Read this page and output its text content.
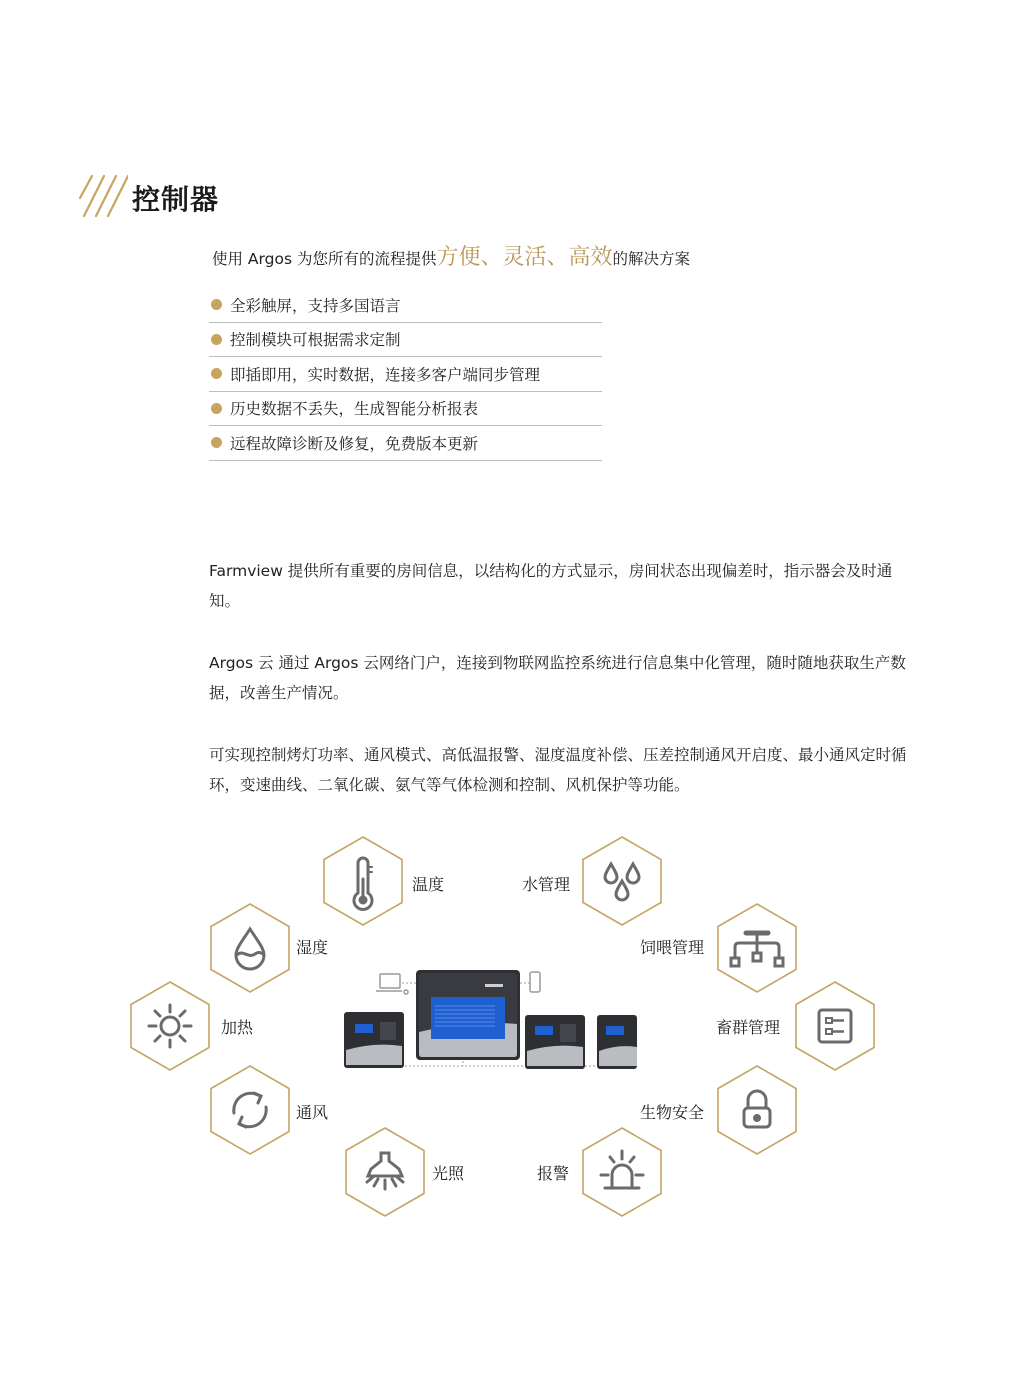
控制器
使用 Argos 为您所有的流程提供方便、灵活、高效的解决方案
全彩触屏，支持多国语言
控制模块可根据需求定制
即插即用，实时数据，连接多客户端同步管理
历史数据不丢失，生成智能分析报表
远程故障诊断及修复，免费版本更新
Farmview 提供所有重要的房间信息，以结构化的方式显示，房间状态出现偏差时，指示器会及时通知。
Argos 云 通过 Argos 云网络门户，连接到物联网监控系统进行信息集中化管理，随时随地获取生产数据，改善生产情况。
可实现控制烤灯功率、通风模式、高低温报警、湿度温度补偿、压差控制通风开启度、最小通风定时循环，变速曲线、二氧化碳、氨气等气体检测和控制、风机保护等功能。
温度	水管理
湿度	饲喂管理
加热	畜群管理
通风	生物安全
光照	报警
